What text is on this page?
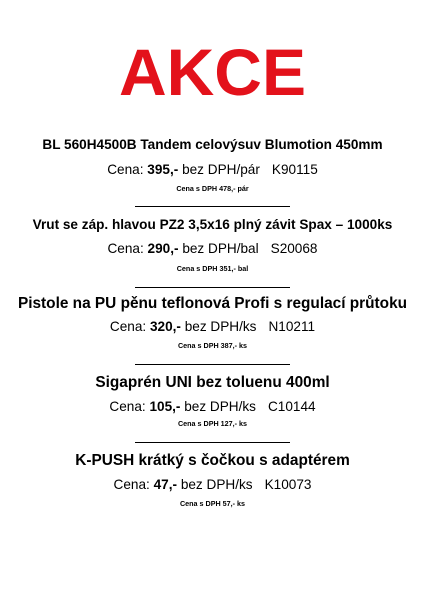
AKCE
BL 560H4500B Tandem celovýsuv Blumotion 450mm
Cena: 395,- bez DPH/pár K90115
Cena s DPH 478,- pár
Vrut se záp. hlavou PZ2 3,5x16 plný závit Spax – 1000ks
Cena: 290,- bez DPH/bal S20068
Cena s DPH 351,- bal
Pistole na PU pěnu teflonová Profi s regulací průtoku
Cena: 320,- bez DPH/ks N10211
Cena s DPH 387,- ks
Sigaprén UNI bez toluenu 400ml
Cena: 105,- bez DPH/ks C10144
Cena s DPH 127,- ks
K-PUSH krátký s čočkou s adaptérem
Cena: 47,- bez DPH/ks K10073
Cena s DPH 57,- ks
